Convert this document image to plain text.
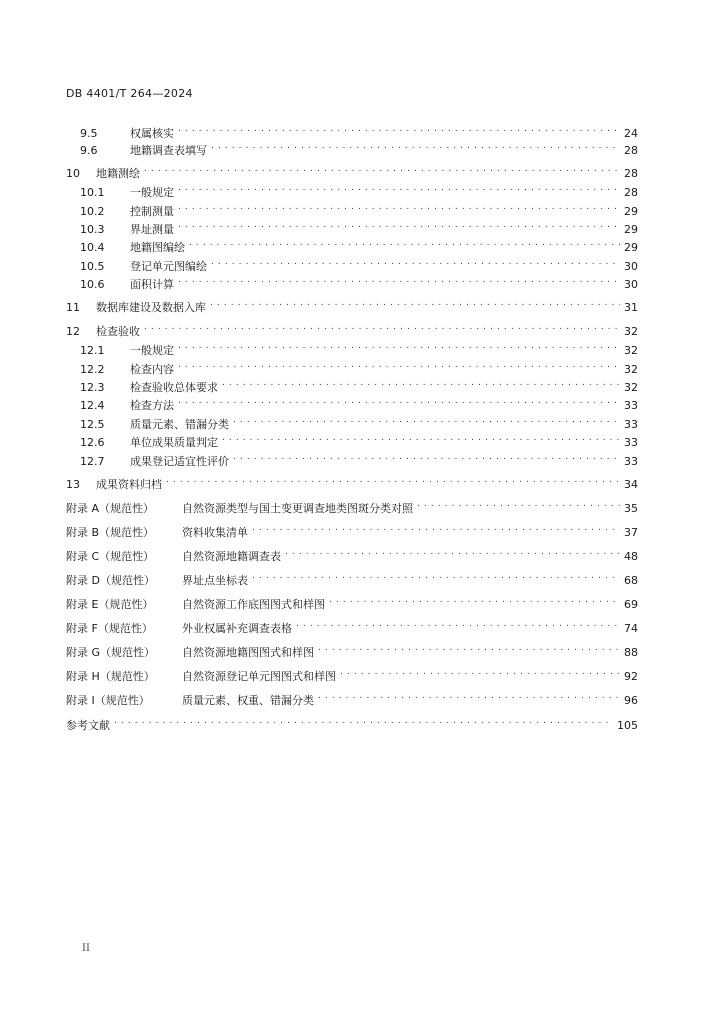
DB 4401/T 264—2024
9.5	权属核实 . . .	24
9.6	地籍调查表填写 . . .	28
10	地籍测绘 . . .	28
10.1	一般规定 . . .	28
10.2	控制测量 . . .	29
10.3	界址测量 . . .	29
10.4	地籍图编绘 . . .	29
10.5	登记单元图编绘 . . .	30
10.6	面积计算 . . .	30
11	数据库建设及数据入库 . . .	31
12	检查验收 . . .	32
12.1	一般规定 . . .	32
12.2	检查内容 . . .	32
12.3	检查验收总体要求 . . .	32
12.4	检查方法 . . .	33
12.5	质量元素、错漏分类 . . .	33
12.6	单位成果质量判定 . . .	33
12.7	成果登记适宜性评价 . . .	33
13	成果资料归档 . . .	34
附录 A（规范性）	自然资源类型与国土变更调查地类图斑分类对照 . . .	35
附录 B（规范性）	资料收集清单 . . .	37
附录 C（规范性）	自然资源地籍调查表 . . .	48
附录 D（规范性）	界址点坐标表 . . .	68
附录 E（规范性）	自然资源工作底图图式和样图 . . .	69
附录 F（规范性）	外业权属补充调查表格 . . .	74
附录 G（规范性）	自然资源地籍图图式和样图 . . .	88
附录 H（规范性）	自然资源登记单元图图式和样图 . . .	92
附录 I（规范性）	质量元素、权重、错漏分类 . . .	96
参考文献 . . .	105
II
